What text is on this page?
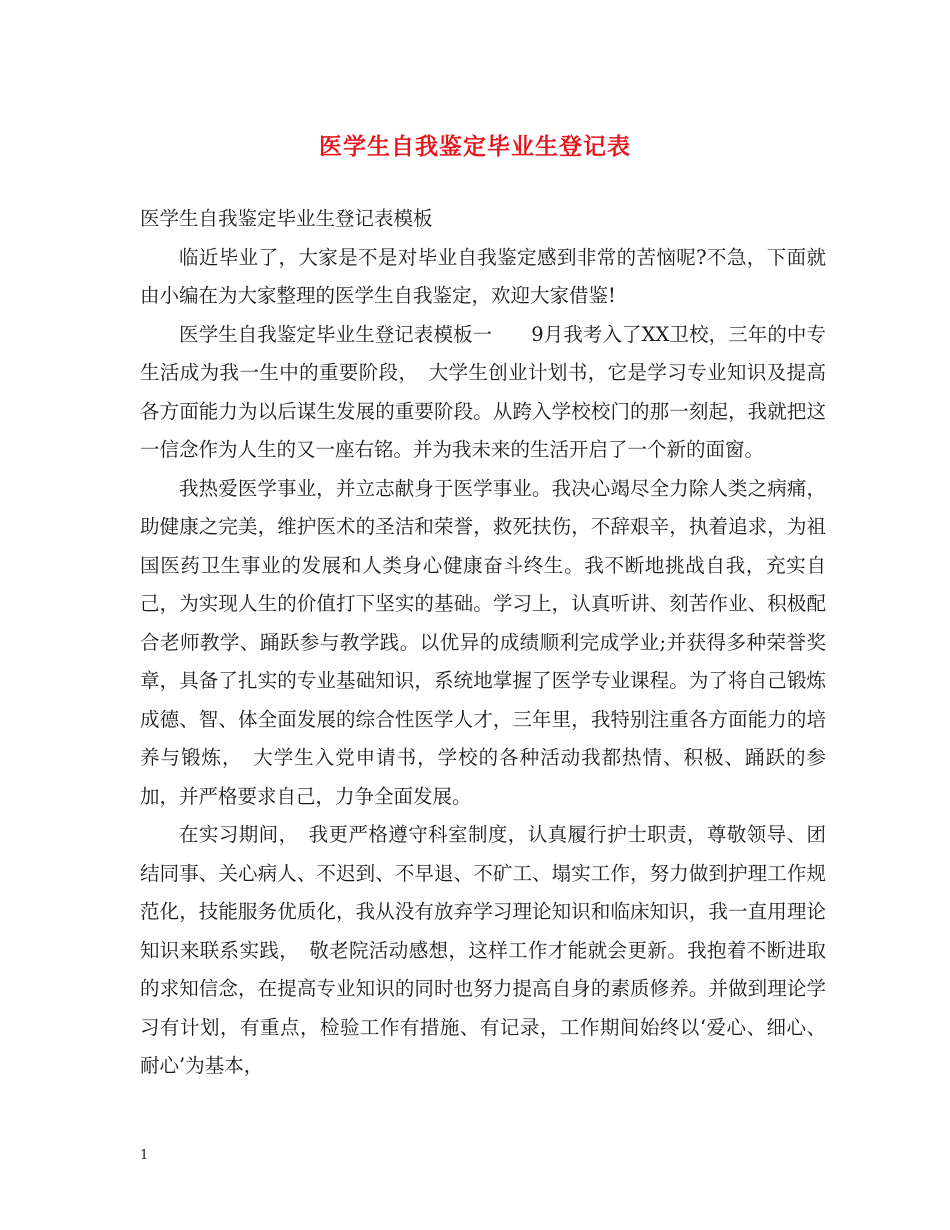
医学生自我鉴定毕业生登记表

医学生自我鉴定毕业生登记表模板

临近毕业了，大家是不是对毕业自我鉴定感到非常的苦恼呢?不急，下面就由小编在为大家整理的医学生自我鉴定，欢迎大家借鉴!

医学生自我鉴定毕业生登记表模板一　　9月我考入了XX卫校，三年的中专生活成为我一生中的重要阶段，　大学生创业计划书，它是学习专业知识及提高各方面能力为以后谋生发展的重要阶段。从跨入学校校门的那一刻起，我就把这一信念作为人生的又一座右铭。并为我未来的生活开启了一个新的面窗。

我热爱医学事业，并立志献身于医学事业。我决心竭尽全力除人类之病痛，助健康之完美，维护医术的圣洁和荣誉，救死扶伤，不辞艰辛，执着追求，为祖国医药卫生事业的发展和人类身心健康奋斗终生。我不断地挑战自我，充实自己，为实现人生的价值打下坚实的基础。学习上，认真听讲、刻苦作业、积极配合老师教学、踊跃参与教学践。以优异的成绩顺利完成学业;并获得多种荣誉奖章，具备了扎实的专业基础知识，系统地掌握了医学专业课程。为了将自己锻炼成德、智、体全面发展的综合性医学人才，三年里，我特别注重各方面能力的培养与锻炼，　大学生入党申请书，学校的各种活动我都热情、积极、踊跃的参加，并严格要求自己，力争全面发展。

在实习期间，　我更严格遵守科室制度，认真履行护士职责，尊敬领导、团结同事、关心病人、不迟到、不早退、不矿工、塌实工作，努力做到护理工作规范化，技能服务优质化，我从没有放弃学习理论知识和临床知识，我一直用理论知识来联系实践，　敬老院活动感想，这样工作才能就会更新。我抱着不断进取的求知信念，在提高专业知识的同时也努力提高自身的素质修养。并做到理论学习有计划，有重点，检验工作有措施、有记录，工作期间始终以‘爱心、细心、耐心’为基本，

1
